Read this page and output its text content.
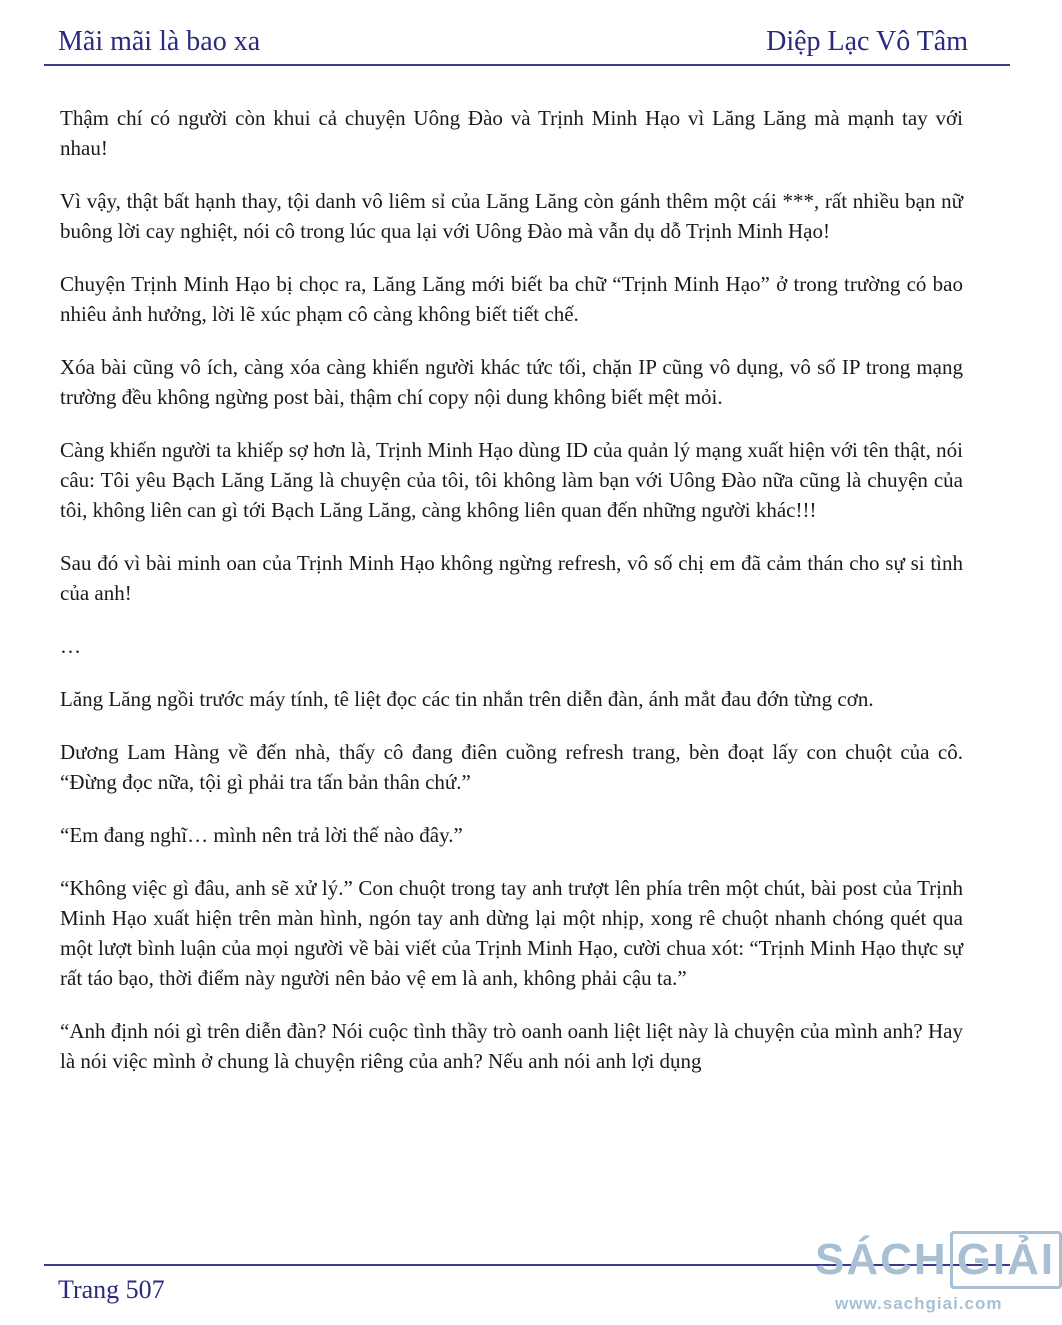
Mãi mãi là bao xa	Diệp Lạc Vô Tâm

Thậm chí có người còn khui cả chuyện Uông Đào và Trịnh Minh Hạo vì Lăng Lăng mà mạnh tay với nhau!

Vì vậy, thật bất hạnh thay, tội danh vô liêm sỉ của Lăng Lăng còn gánh thêm một cái ***, rất nhiều bạn nữ buông lời cay nghiệt, nói cô trong lúc qua lại với Uông Đào mà vẫn dụ dỗ Trịnh Minh Hạo!

Chuyện Trịnh Minh Hạo bị chọc ra, Lăng Lăng mới biết ba chữ “Trịnh Minh Hạo” ở trong trường có bao nhiêu ảnh hưởng, lời lẽ xúc phạm cô càng không biết tiết chế.

Xóa bài cũng vô ích, càng xóa càng khiến người khác tức tối, chặn IP cũng vô dụng, vô số IP trong mạng trường đều không ngừng post bài, thậm chí copy nội dung không biết mệt mỏi.

Càng khiến người ta khiếp sợ hơn là, Trịnh Minh Hạo dùng ID của quản lý mạng xuất hiện với tên thật, nói câu: Tôi yêu Bạch Lăng Lăng là chuyện của tôi, tôi không làm bạn với Uông Đào nữa cũng là chuyện của tôi, không liên can gì tới Bạch Lăng Lăng, càng không liên quan đến những người khác!!!

Sau đó vì bài minh oan của Trịnh Minh Hạo không ngừng refresh, vô số chị em đã cảm thán cho sự si tình của anh!

…

Lăng Lăng ngồi trước máy tính, tê liệt đọc các tin nhắn trên diễn đàn, ánh mắt đau đớn từng cơn.

Dương Lam Hàng về đến nhà, thấy cô đang điên cuồng refresh trang, bèn đoạt lấy con chuột của cô. “Đừng đọc nữa, tội gì phải tra tấn bản thân chứ.”

“Em đang nghĩ… mình nên trả lời thế nào đây.”

“Không việc gì đâu, anh sẽ xử lý.” Con chuột trong tay anh trượt lên phía trên một chút, bài post của Trịnh Minh Hạo xuất hiện trên màn hình, ngón tay anh dừng lại một nhịp, xong rê chuột nhanh chóng quét qua một lượt bình luận của mọi người về bài viết của Trịnh Minh Hạo, cười chua xót: “Trịnh Minh Hạo thực sự rất táo bạo, thời điểm này người nên bảo vệ em là anh, không phải cậu ta.”

“Anh định nói gì trên diễn đàn? Nói cuộc tình thầy trò oanh oanh liệt liệt này là chuyện của mình anh? Hay là nói việc mình ở chung là chuyện riêng của anh? Nếu anh nói anh lợi dụng

Trang 507
SÁCH GIẢI
www.sachgiai.com
